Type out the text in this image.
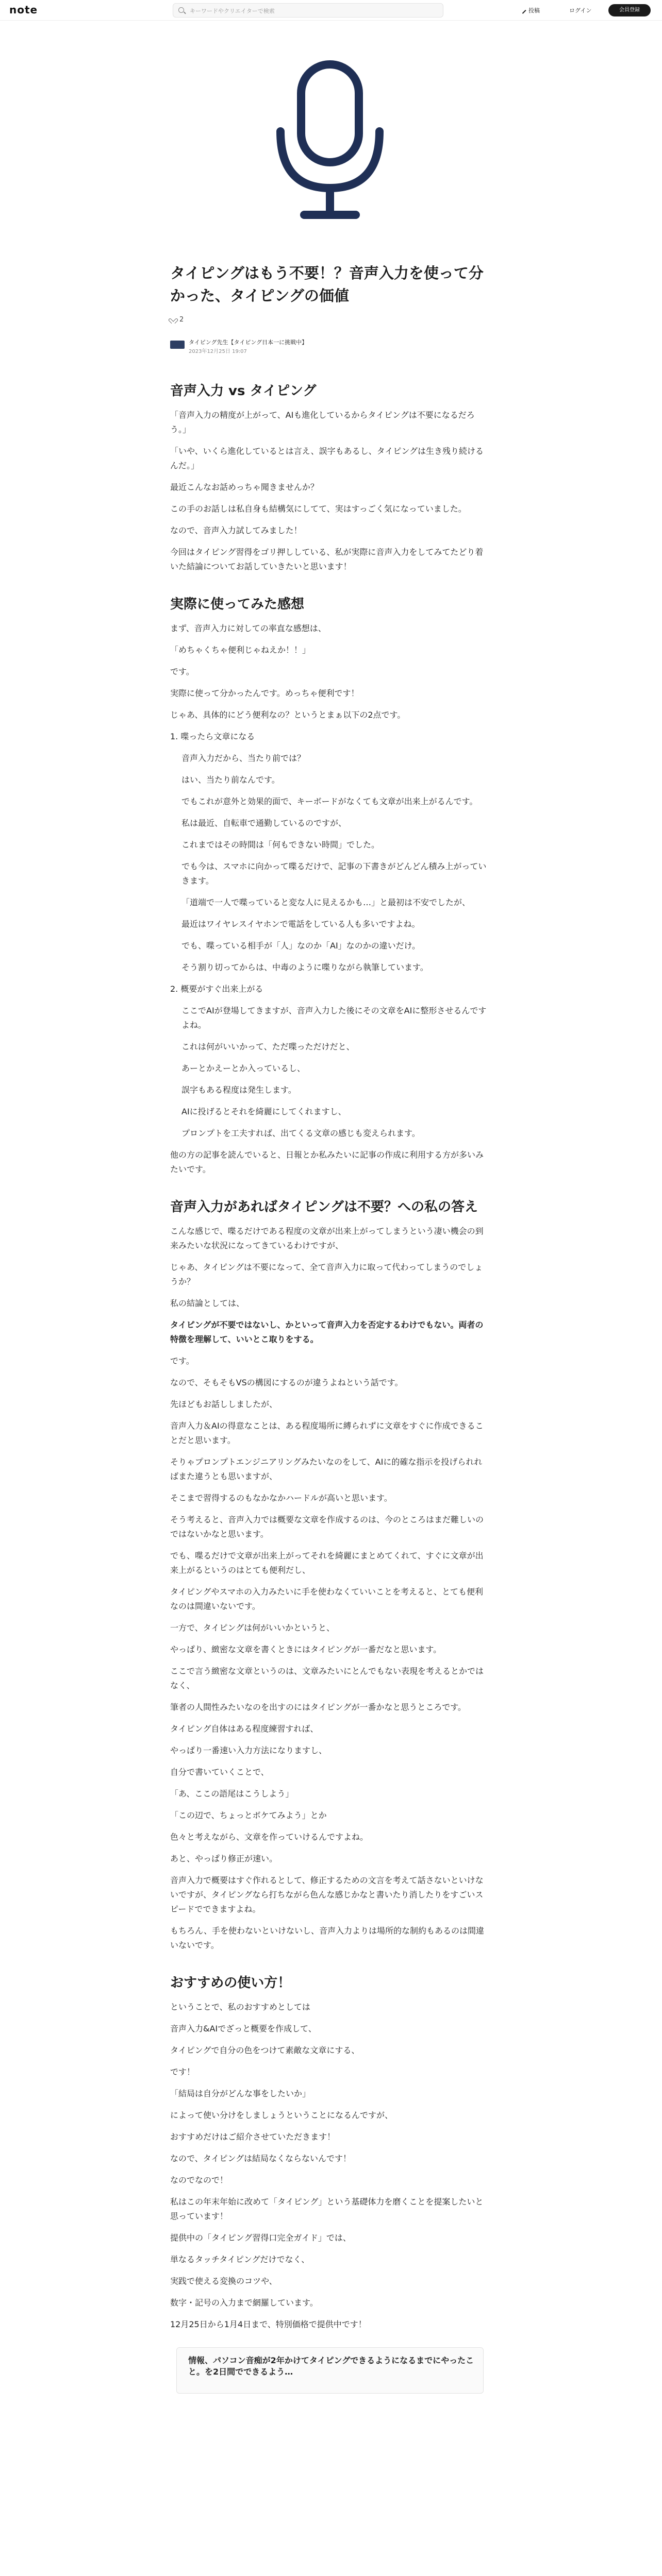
note
キーワードやクリエイターで検索	投稿	ログイン	会員登録
タイピングはもう不要！？音声入力を使って分かった、タイピングの価値
2
タイピング先生【タイピング日本一に挑戦中】
2023年12月25日 19:07
音声入力 vs タイピング

「音声入力の精度が上がって、AIも進化しているからタイピングは不要になるだろう。」

「いや、いくら進化しているとは言え、誤字もあるし、タイピングは生き残り続けるんだ。」

最近こんなお話めっちゃ聞きませんか？

この手のお話しは私自身も結構気にしてて、実はすっごく気になっていました。

なので、音声入力試してみました！

今回はタイピング習得をゴリ押ししている、私が実際に音声入力をしてみてたどり着いた結論についてお話していきたいと思います！

実際に使ってみた感想

まず、音声入力に対しての率直な感想は、

「めちゃくちゃ便利じゃねえか！！」

です。

実際に使って分かったんです。めっちゃ便利です！

じゃあ、具体的にどう便利なの？というとまぁ以下の2点です。

1. 喋ったら文章になる

音声入力だから、当たり前では？

はい、当たり前なんです。

でもこれが意外と効果的面で、キーボードがなくても文章が出来上がるんです。

私は最近、自転車で通勤しているのですが、

これまではその時間は「何もできない時間」でした。

でも今は、スマホに向かって喋るだけで、記事の下書きがどんどん積み上がっていきます。

「道端で一人で喋っていると変な人に見えるかも…」と最初は不安でしたが、

最近はワイヤレスイヤホンで電話をしている人も多いですよね。

でも、喋っている相手が「人」なのか「AI」なのかの違いだけ。

そう割り切ってからは、中毒のように喋りながら執筆しています。

2. 概要がすぐ出来上がる

ここでAIが登場してきますが、音声入力した後にその文章をAIに整形させるんですよね。

これは何がいいかって、ただ喋っただけだと、

あーとかえーとか入っているし、

誤字もある程度は発生します。

AIに投げるとそれを綺麗にしてくれますし、

プロンプトを工夫すれば、出てくる文章の感じも変えられます。

他の方の記事を読んでいると、日報とか私みたいに記事の作成に利用する方が多いみたいです。

音声入力があればタイピングは不要？への私の答え

こんな感じで、喋るだけである程度の文章が出来上がってしまうという凄い機会の到来みたいな状況になってきているわけですが、

じゃあ、タイピングは不要になって、全て音声入力に取って代わってしまうのでしょうか？

私の結論としては、

タイピングが不要ではないし、かといって音声入力を否定するわけでもない。両者の特徴を理解して、いいとこ取りをする。

です。

なので、そもそもVSの構図にするのが違うよねという話です。

先ほどもお話ししましたが、

音声入力＆AIの得意なことは、ある程度場所に縛られずに文章をすぐに作成できることだと思います。

そりゃプロンプトエンジニアリングみたいなのをして、AIに的確な指示を投げられればまた違うとも思いますが、

そこまで習得するのもなかなかハードルが高いと思います。

そう考えると、音声入力では概要な文章を作成するのは、今のところはまだ難しいのではないかなと思います。

でも、喋るだけで文章が出来上がってそれを綺麗にまとめてくれて、すぐに文章が出来上がるというのはとても便利だし、

タイピングやスマホの入力みたいに手を使わなくていいことを考えると、とても便利なのは間違いないです。

一方で、タイピングは何がいいかというと、

やっぱり、緻密な文章を書くときにはタイピングが一番だなと思います。

ここで言う緻密な文章というのは、文章みたいにとんでもない表現を考えるとかではなく、

筆者の人間性みたいなのを出すのにはタイピングが一番かなと思うところです。

タイピング自体はある程度練習すれば、

やっぱり一番速い入力方法になりますし、

自分で書いていくことで、

「あ、ここの語尾はこうしよう」

「この辺で、ちょっとボケてみよう」とか

色々と考えながら、文章を作っていけるんですよね。

あと、やっぱり修正が速い。

音声入力で概要はすぐ作れるとして、修正するための文言を考えて話さないといけないですが、タイピングなら打ちながら色んな感じかなと書いたり消したりをすごいスピードでできますよね。

もちろん、手を使わないといけないし、音声入力よりは場所的な制約もあるのは間違いないです。

おすすめの使い方！

ということで、私のおすすめとしては

音声入力&AIでざっと概要を作成して、

タイピングで自分の色をつけて素敵な文章にする、

です！

「結局は自分がどんな事をしたいか」

によって使い分けをしましょうということになるんですが、

おすすめだけはご紹介させていただきます！

なので、タイピングは結局なくならないんです！

なのでなので！

私はこの年末年始に改めて「タイピング」という基礎体力を磨くことを提案したいと思っています！

提供中の「タイピング習得口完全ガイド」では、

単なるタッチタイピングだけでなく、

実践で使える変換のコツや、

数字・記号の入力まで網羅しています。

12月25日から1月4日まで、特別価格で提供中です！

情報、パソコン音痴が2年かけてタイピングできるようになるまでにやったこと。を2日間でできるよう…
